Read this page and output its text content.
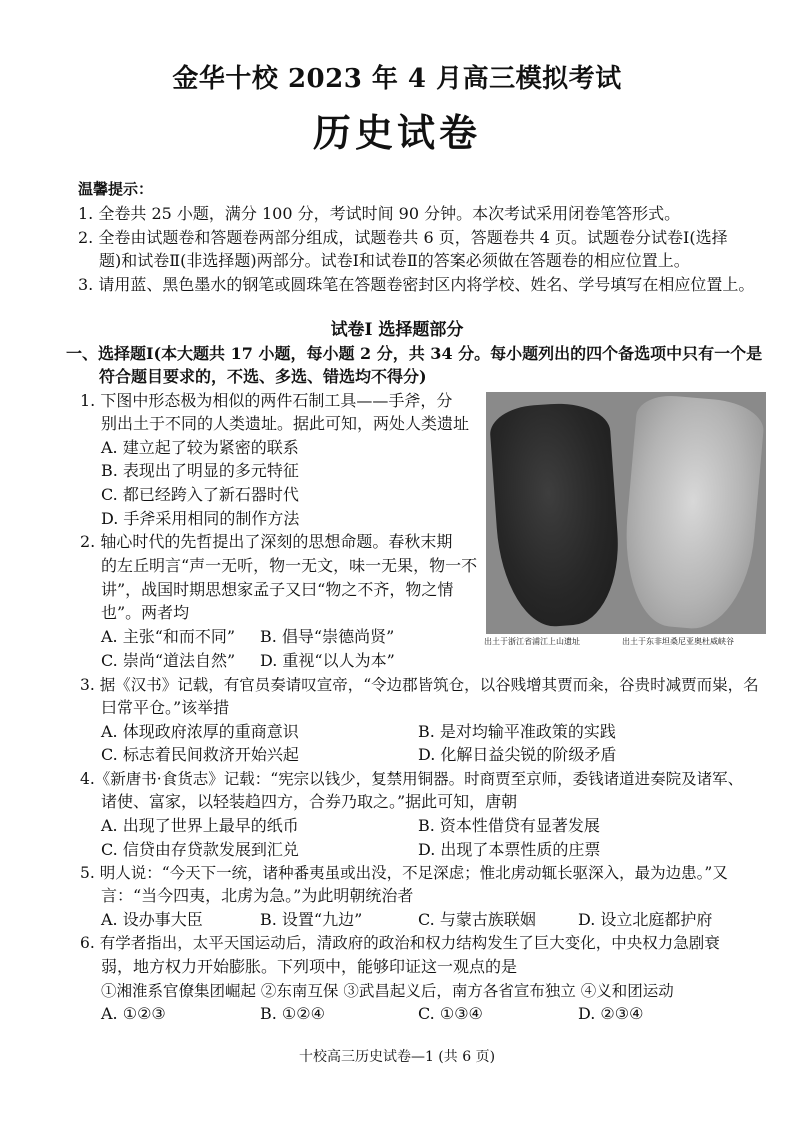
金华十校 2023 年 4 月高三模拟考试
历史试卷
温馨提示：
1. 全卷共 25 小题，满分 100 分，考试时间 90 分钟。本次考试采用闭卷笔答形式。
2. 全卷由试题卷和答题卷两部分组成，试题卷共 6 页，答题卷共 4 页。试题卷分试卷Ⅰ(选择
题)和试卷Ⅱ(非选择题)两部分。试卷Ⅰ和试卷Ⅱ的答案必须做在答题卷的相应位置上。
3. 请用蓝、黑色墨水的钢笔或圆珠笔在答题卷密封区内将学校、姓名、学号填写在相应位置上。
试卷Ⅰ 选择题部分
一、选择题Ⅰ(本大题共 17 小题，每小题 2 分，共 34 分。每小题列出的四个备选项中只有一个是
符合题目要求的，不选、多选、错选均不得分)
1. 下图中形态极为相似的两件石制工具——手斧，分
别出土于不同的人类遗址。据此可知，两处人类遗址
A. 建立起了较为紧密的联系
B. 表现出了明显的多元特征
C. 都已经跨入了新石器时代
D. 手斧采用相同的制作方法
出土于浙江省浦江上山遗址	出土于东非坦桑尼亚奥杜威峡谷
2. 轴心时代的先哲提出了深刻的思想命题。春秋末期
的左丘明言“声一无听，物一无文，味一无果，物一不
讲”，战国时期思想家孟子又曰“物之不齐，物之情
也”。两者均
A. 主张“和而不同” B. 倡导“崇德尚贤”
C. 崇尚“道法自然” D. 重视“以人为本”
3. 据《汉书》记载，有官员奏请叹宣帝，“令边郡皆筑仓，以谷贱增其贾而籴，谷贵时减贾而粜，名
曰常平仓。”该举措
A. 体现政府浓厚的重商意识	B. 是对均输平准政策的实践
C. 标志着民间救济开始兴起	D. 化解日益尖锐的阶级矛盾
4.《新唐书·食货志》记载：“宪宗以钱少，复禁用铜器。时商贾至京师，委钱诸道进奏院及诸军、
诸使、富家，以轻装趋四方，合券乃取之。”据此可知，唐朝
A. 出现了世界上最早的纸币	B. 资本性借贷有显著发展
C. 信贷由存贷款发展到汇兑	D. 出现了本票性质的庄票
5. 明人说：“今天下一统，诸种番夷虽或出没，不足深虑；惟北虏动辄长驱深入，最为边患。”又
言：“当今四夷，北虏为急。”为此明朝统治者
A. 设办事大臣	B. 设置“九边”	C. 与蒙古族联姻	D. 设立北庭都护府
6. 有学者指出，太平天国运动后，清政府的政治和权力结构发生了巨大变化，中央权力急剧衰
弱，地方权力开始膨胀。下列项中，能够印证这一观点的是
①湘淮系官僚集团崛起 ②东南互保 ③武昌起义后，南方各省宣布独立 ④义和团运动
A. ①②③	B. ①②④	C. ①③④	D. ②③④
十校高三历史试卷—1 (共 6 页)
